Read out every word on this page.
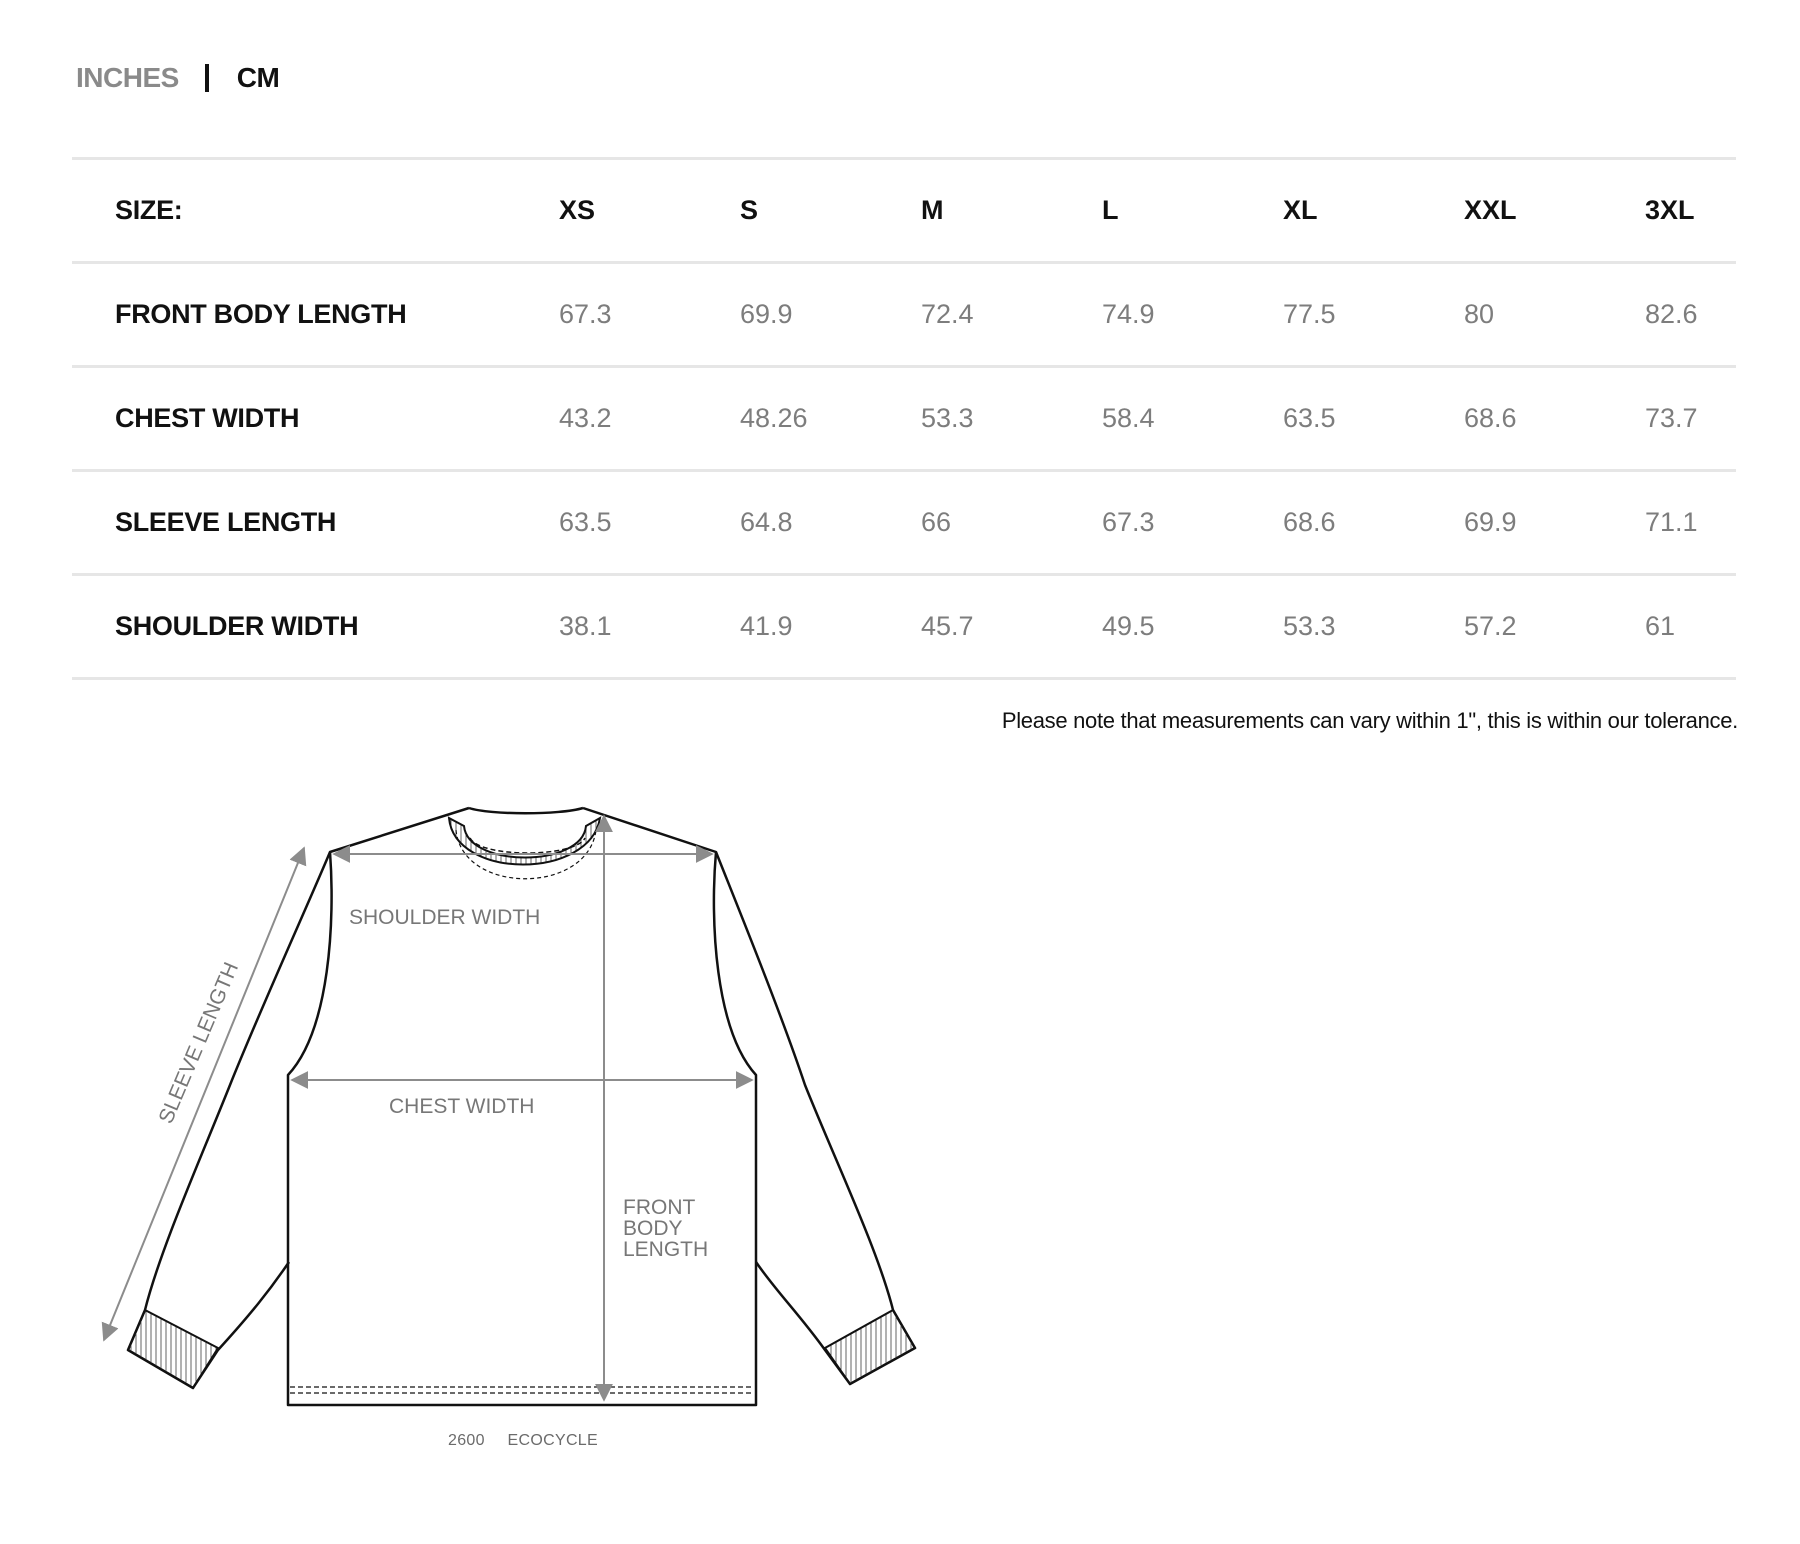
INCHES CM
SIZE:	XS	S	M	L	XL	XXL	3XL
FRONT BODY LENGTH	67.3	69.9	72.4	74.9	77.5	80	82.6
CHEST WIDTH	43.2	48.26	53.3	58.4	63.5	68.6	73.7
SLEEVE LENGTH	63.5	64.8	66	67.3	68.6	69.9	71.1
SHOULDER WIDTH	38.1	41.9	45.7	49.5	53.3	57.2	61
Please note that measurements can vary within 1", this is within our tolerance.
SHOULDER WIDTH
CHEST WIDTH
FRONT
BODY
LENGTH
SLEEVE LENGTH
2600 ECOCYCLE
